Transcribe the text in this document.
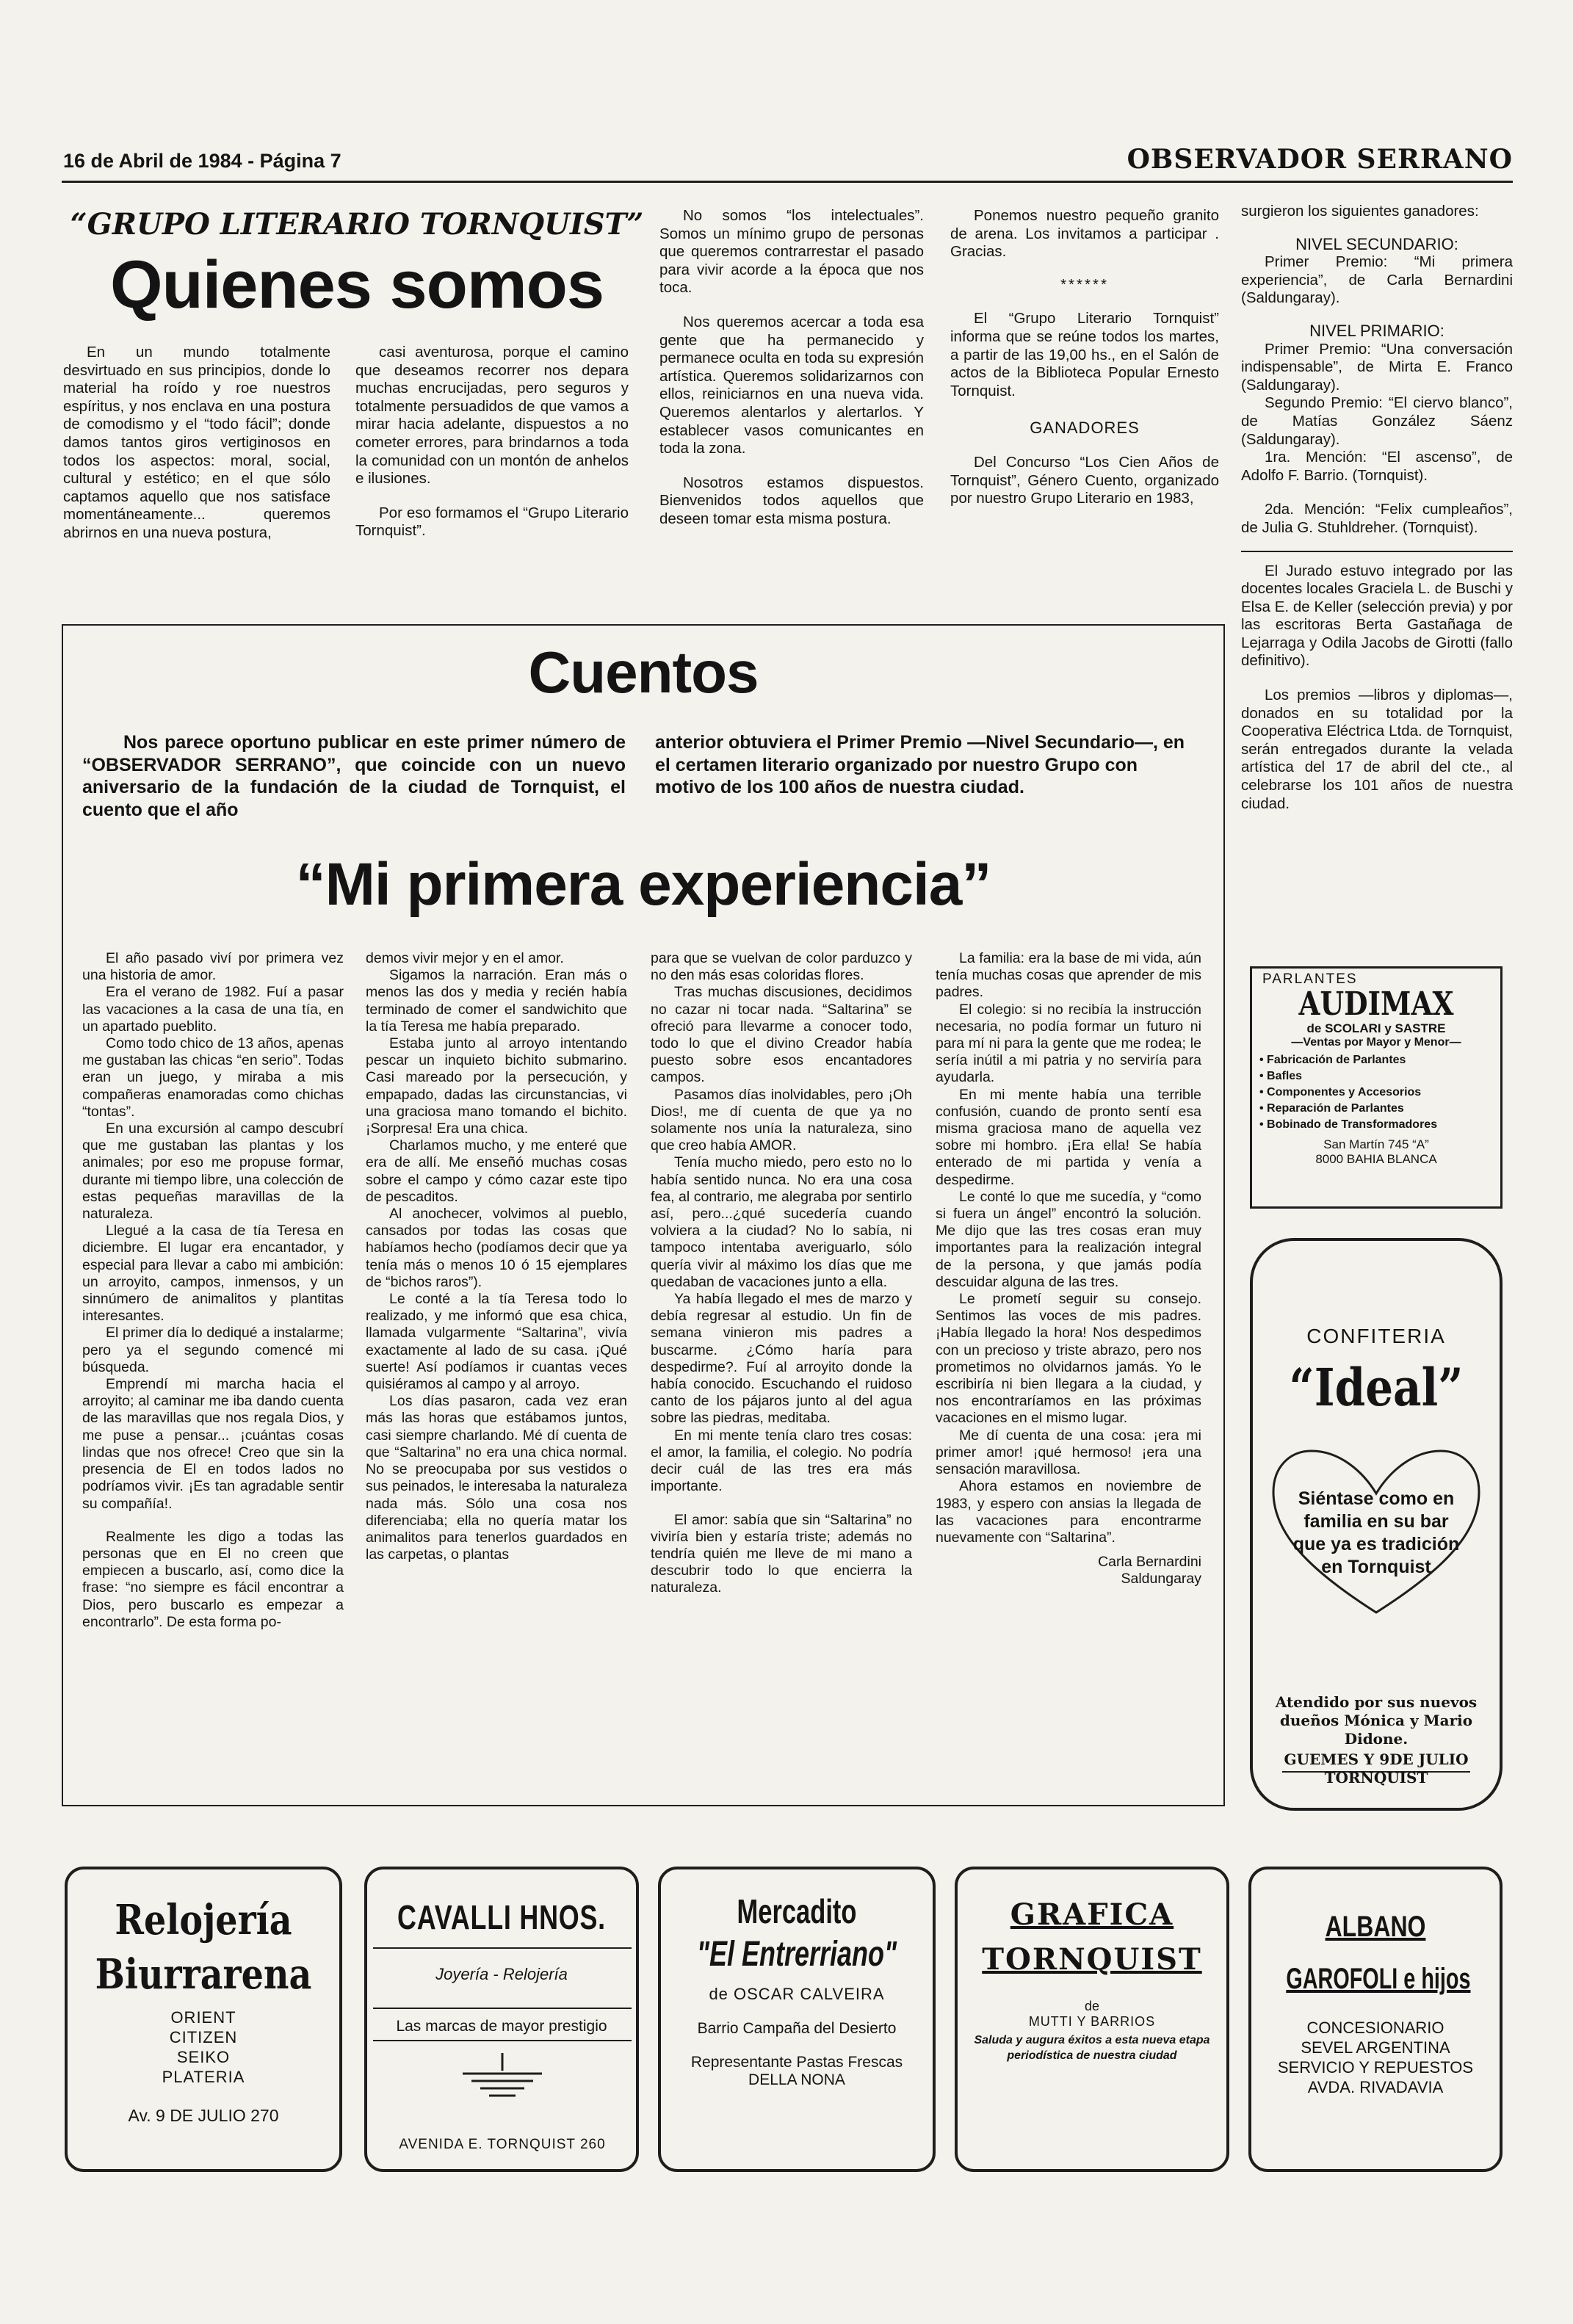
16 de Abril de 1984 - Página 7	OBSERVADOR SERRANO
“GRUPO LITERARIO TORNQUIST”
Quienes somos

En un mundo totalmente desvirtuado en sus principios, donde lo material ha roído y roe nuestros espíritus, y nos enclava en una postura de comodismo y el “todo fácil”; donde damos tantos giros vertiginosos en todos los aspectos: moral, social, cultural y estético; en el que sólo captamos aquello que nos satisface momentáneamente... queremos abrirnos en una nueva postura,

casi aventurosa, porque el camino que deseamos recorrer nos depara muchas encrucijadas, pero seguros y totalmente persuadidos de que vamos a mirar hacia adelante, dispuestos a no cometer errores, para brindarnos a toda la comunidad con un montón de anhelos e ilusiones.

Por eso formamos el “Grupo Literario Tornquist”.

No somos “los intelectuales”. Somos un mínimo grupo de personas que queremos contrarrestar el pasado para vivir acorde a la época que nos toca.

Nos queremos acercar a toda esa gente que ha permanecido y permanece oculta en toda su expresión artística. Queremos solidarizarnos con ellos, reiniciarnos en una nueva vida. Queremos alentarlos y alertarlos. Y establecer vasos comunicantes en toda la zona.

Nosotros estamos dispuestos. Bienvenidos todos aquellos que deseen tomar esta misma postura.

Ponemos nuestro pequeño granito de arena. Los invitamos a participar . Gracias.

******

El “Grupo Literario Tornquist” informa que se reúne todos los martes, a partir de las 19,00 hs., en el Salón de actos de la Biblioteca Popular Ernesto Tornquist.

GANADORES

Del Concurso “Los Cien Años de Tornquist”, Género Cuento, organizado por nuestro Grupo Literario en 1983,

surgieron los siguientes ganadores:

NIVEL SECUNDARIO:

Primer Premio: “Mi primera experiencia”, de Carla Bernardini (Saldungaray).

NIVEL PRIMARIO:

Primer Premio: “Una conversación indispensable”, de Mirta E. Franco (Saldungaray).

Segundo Premio: “El ciervo blanco”, de Matías González Sáenz (Saldungaray).

1ra. Mención: “El ascenso”, de Adolfo F. Barrio. (Tornquist).

2da. Mención: “Felix cumpleaños”, de Julia G. Stuhldreher. (Tornquist).

El Jurado estuvo integrado por las docentes locales Graciela L. de Buschi y Elsa E. de Keller (selección previa) y por las escritoras Berta Gastañaga de Lejarraga y Odila Jacobs de Girotti (fallo definitivo).

Los premios —libros y diplomas—, donados en su totalidad por la Cooperativa Eléctrica Ltda. de Tornquist, serán entregados durante la velada artística del 17 de abril del cte., al celebrarse los 101 años de nuestra ciudad.

Cuentos

Nos parece oportuno publicar en este primer número de “OBSERVADOR SERRANO”, que coincide con un nuevo aniversario de la fundación de la ciudad de Tornquist, el cuento que el año

anterior obtuviera el Primer Premio —Nivel Secundario—, en el certamen literario organizado por nuestro Grupo con motivo de los 100 años de nuestra ciudad.

“Mi primera experiencia”

El año pasado viví por primera vez una historia de amor.

Era el verano de 1982. Fuí a pasar las vacaciones a la casa de una tía, en un apartado pueblito.

Como todo chico de 13 años, apenas me gustaban las chicas “en serio”. Todas eran un juego, y miraba a mis compañeras enamoradas como chichas “tontas”.

En una excursión al campo descubrí que me gustaban las plantas y los animales; por eso me propuse formar, durante mi tiempo libre, una colección de estas pequeñas maravillas de la naturaleza.

Llegué a la casa de tía Teresa en diciembre. El lugar era encantador, y especial para llevar a cabo mi ambición: un arroyito, campos, inmensos, y un sinnúmero de animalitos y plantitas interesantes.

El primer día lo dediqué a instalarme; pero ya el segundo comencé mi búsqueda.

Emprendí mi marcha hacia el arroyito; al caminar me iba dando cuenta de las maravillas que nos regala Dios, y me puse a pensar... ¡cuántas cosas lindas que nos ofrece! Creo que sin la presencia de El en todos lados no podríamos vivir. ¡Es tan agradable sentir su compañía!.

Realmente les digo a todas las personas que en El no creen que empiecen a buscarlo, así, como dice la frase: “no siempre es fácil encontrar a Dios, pero buscarlo es empezar a encontrarlo”. De esta forma po-

demos vivir mejor y en el amor.

Sigamos la narración. Eran más o menos las dos y media y recién había terminado de comer el sandwichito que la tía Teresa me había preparado.

Estaba junto al arroyo intentando pescar un inquieto bichito submarino. Casi mareado por la persecución, y empapado, dadas las circunstancias, vi una graciosa mano tomando el bichito. ¡Sorpresa! Era una chica.

Charlamos mucho, y me enteré que era de allí. Me enseñó muchas cosas sobre el campo y cómo cazar este tipo de pescaditos.

Al anochecer, volvimos al pueblo, cansados por todas las cosas que habíamos hecho (podíamos decir que ya tenía más o menos 10 ó 15 ejemplares de “bichos raros”).

Le conté a la tía Teresa todo lo realizado, y me informó que esa chica, llamada vulgarmente “Saltarina”, vivía exactamente al lado de su casa. ¡Qué suerte! Así podíamos ir cuantas veces quisiéramos al campo y al arroyo.

Los días pasaron, cada vez eran más las horas que estábamos juntos, casi siempre charlando. Mé dí cuenta de que “Saltarina” no era una chica normal. No se preocupaba por sus vestidos o sus peinados, le interesaba la naturaleza nada más. Sólo una cosa nos diferenciaba; ella no quería matar los animalitos para tenerlos guardados en las carpetas, o plantas

para que se vuelvan de color parduzco y no den más esas coloridas flores.

Tras muchas discusiones, decidimos no cazar ni tocar nada. “Saltarina” se ofreció para llevarme a conocer todo, todo lo que el divino Creador había puesto sobre esos encantadores campos.

Pasamos días inolvidables, pero ¡Oh Dios!, me dí cuenta de que ya no solamente nos unía la naturaleza, sino que creo había AMOR.

Tenía mucho miedo, pero esto no lo había sentido nunca. No era una cosa fea, al contrario, me alegraba por sentirlo así, pero...¿qué sucedería cuando volviera a la ciudad? No lo sabía, ni tampoco intentaba averiguarlo, sólo quería vivir al máximo los días que me quedaban de vacaciones junto a ella.

Ya había llegado el mes de marzo y debía regresar al estudio. Un fin de semana vinieron mis padres a buscarme. ¿Cómo haría para despedirme?. Fuí al arroyito donde la había conocido. Escuchando el ruidoso canto de los pájaros junto al del agua sobre las piedras, meditaba.

En mi mente tenía claro tres cosas: el amor, la familia, el colegio. No podría decir cuál de las tres era más importante.

El amor: sabía que sin “Saltarina” no viviría bien y estaría triste; además no tendría quién me lleve de mi mano a descubrir todo lo que encierra la naturaleza.

La familia: era la base de mi vida, aún tenía muchas cosas que aprender de mis padres.

El colegio: si no recibía la instrucción necesaria, no podía formar un futuro ni para mí ni para la gente que me rodea; le sería inútil a mi patria y no serviría para ayudarla.

En mi mente había una terrible confusión, cuando de pronto sentí esa misma graciosa mano de aquella vez sobre mi hombro. ¡Era ella! Se había enterado de mi partida y venía a despedirme.

Le conté lo que me sucedía, y “como si fuera un ángel” encontró la solución. Me dijo que las tres cosas eran muy importantes para la realización integral de la persona, y que jamás podía descuidar alguna de las tres.

Le prometí seguir su consejo. Sentimos las voces de mis padres. ¡Había llegado la hora! Nos despedimos con un precioso y triste abrazo, pero nos prometimos no olvidarnos jamás. Yo le escribiría ni bien llegara a la ciudad, y nos encontraríamos en las próximas vacaciones en el mismo lugar.

Me dí cuenta de una cosa: ¡era mi primer amor! ¡qué hermoso! ¡era una sensación maravillosa.

Ahora estamos en noviembre de 1983, y espero con ansias la llegada de las vacaciones para encontrarme nuevamente con “Saltarina”.

Carla Bernardini
Saldungaray
PARLANTES
AUDIMAX
de SCOLARI y SASTRE
—Ventas por Mayor y Menor—
• Fabricación de Parlantes
• Bafles
• Componentes y Accesorios
• Reparación de Parlantes
• Bobinado de Transformadores
San Martín 745 “A”
8000 BAHIA BLANCA
CONFITERIA
“Ideal”
Siéntase como en familia en su bar que ya es tradición en Tornquist
Atendido por sus nuevos dueños Mónica y Mario Didone.
GUEMES Y 9DE JULIO TORNQUIST
Relojería
Biurrarena
ORIENT
CITIZEN
SEIKO
PLATERIA
Av. 9 DE JULIO 270
CAVALLI HNOS.
Joyería - Relojería
Las marcas de mayor prestigio
AVENIDA E. TORNQUIST 260
Mercadito
"El Entrerriano"
de OSCAR CALVEIRA
Barrio Campaña del Desierto
Representante Pastas Frescas
DELLA NONA
GRAFICA
TORNQUIST
de
MUTTI Y BARRIOS
Saluda y augura éxitos a esta nueva etapa periodística de nuestra ciudad
ALBANO
GAROFOLI e hijos
CONCESIONARIO
SEVEL ARGENTINA
SERVICIO Y REPUESTOS
AVDA. RIVADAVIA
